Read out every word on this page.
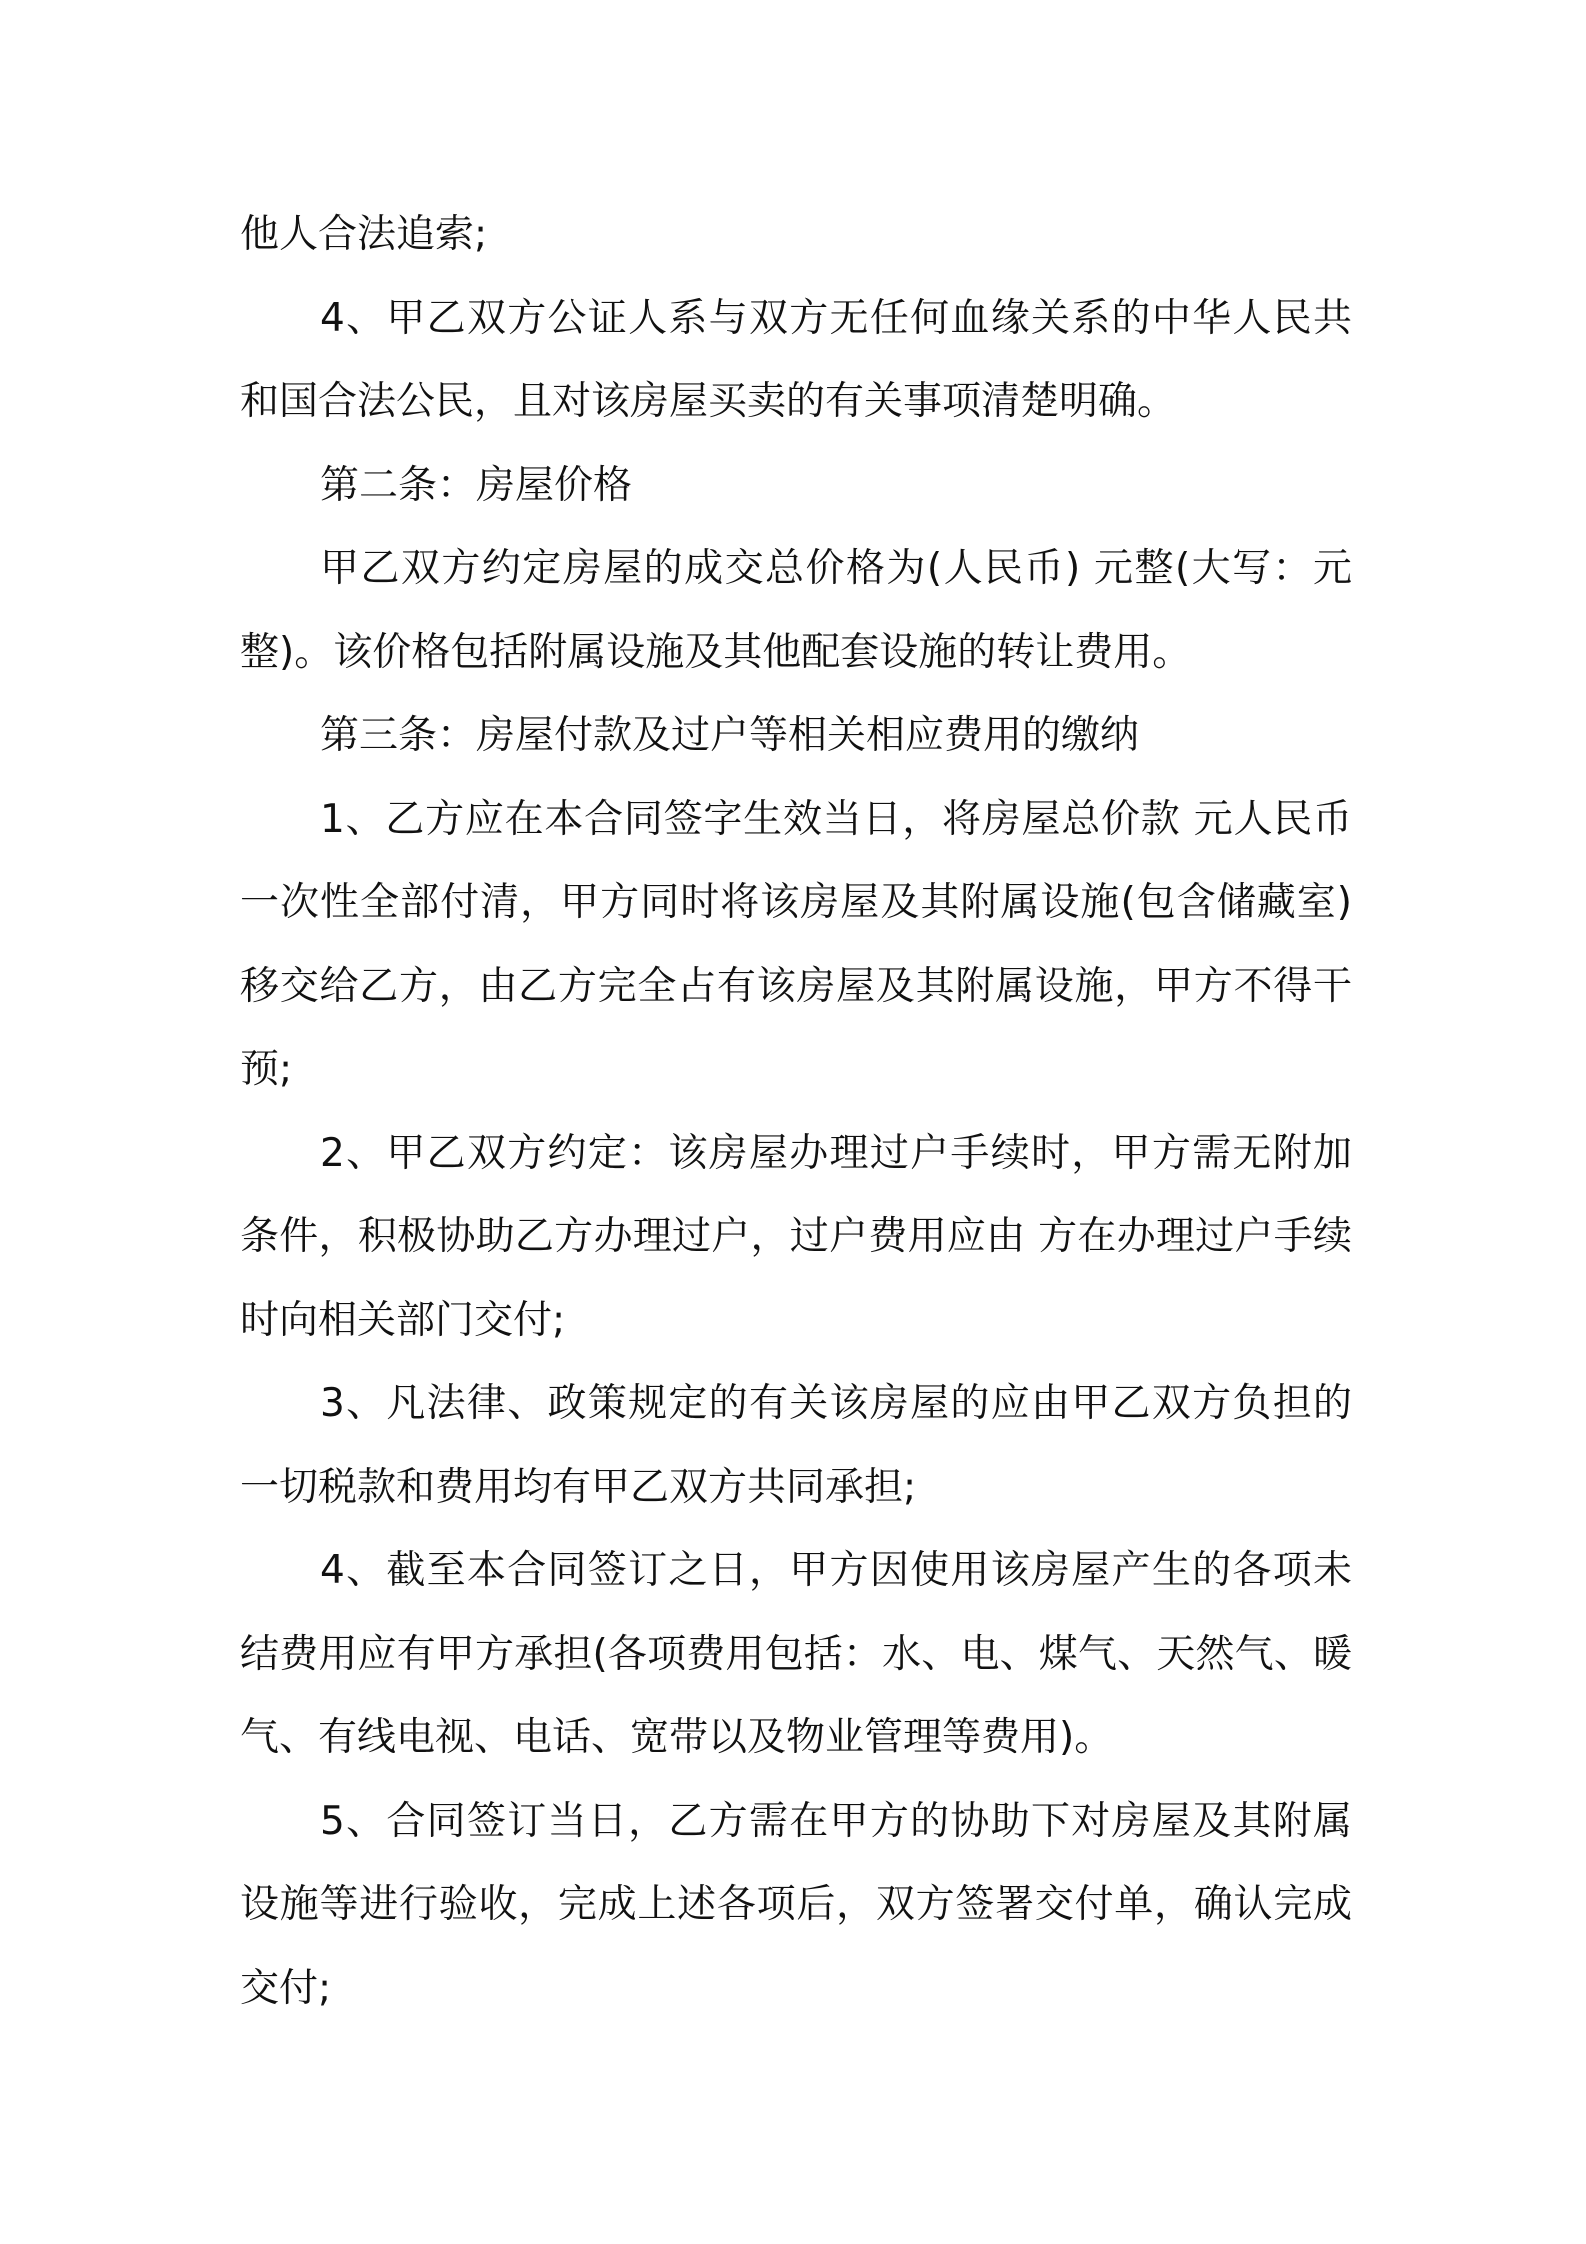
他人合法追索;

4、甲乙双方公证人系与双方无任何血缘关系的中华人民共和国合法公民，且对该房屋买卖的有关事项清楚明确。

第二条：房屋价格

甲乙双方约定房屋的成交总价格为(人民币) 元整(大写：元整)。该价格包括附属设施及其他配套设施的转让费用。

第三条：房屋付款及过户等相关相应费用的缴纳

1、乙方应在本合同签字生效当日，将房屋总价款 元人民币一次性全部付清，甲方同时将该房屋及其附属设施(包含储藏室)移交给乙方，由乙方完全占有该房屋及其附属设施，甲方不得干预;

2、甲乙双方约定：该房屋办理过户手续时，甲方需无附加条件，积极协助乙方办理过户，过户费用应由 方在办理过户手续时向相关部门交付;

3、凡法律、政策规定的有关该房屋的应由甲乙双方负担的一切税款和费用均有甲乙双方共同承担;

4、截至本合同签订之日，甲方因使用该房屋产生的各项未结费用应有甲方承担(各项费用包括：水、电、煤气、天然气、暖气、有线电视、电话、宽带以及物业管理等费用)。

5、合同签订当日，乙方需在甲方的协助下对房屋及其附属设施等进行验收，完成上述各项后，双方签署交付单，确认完成交付;
